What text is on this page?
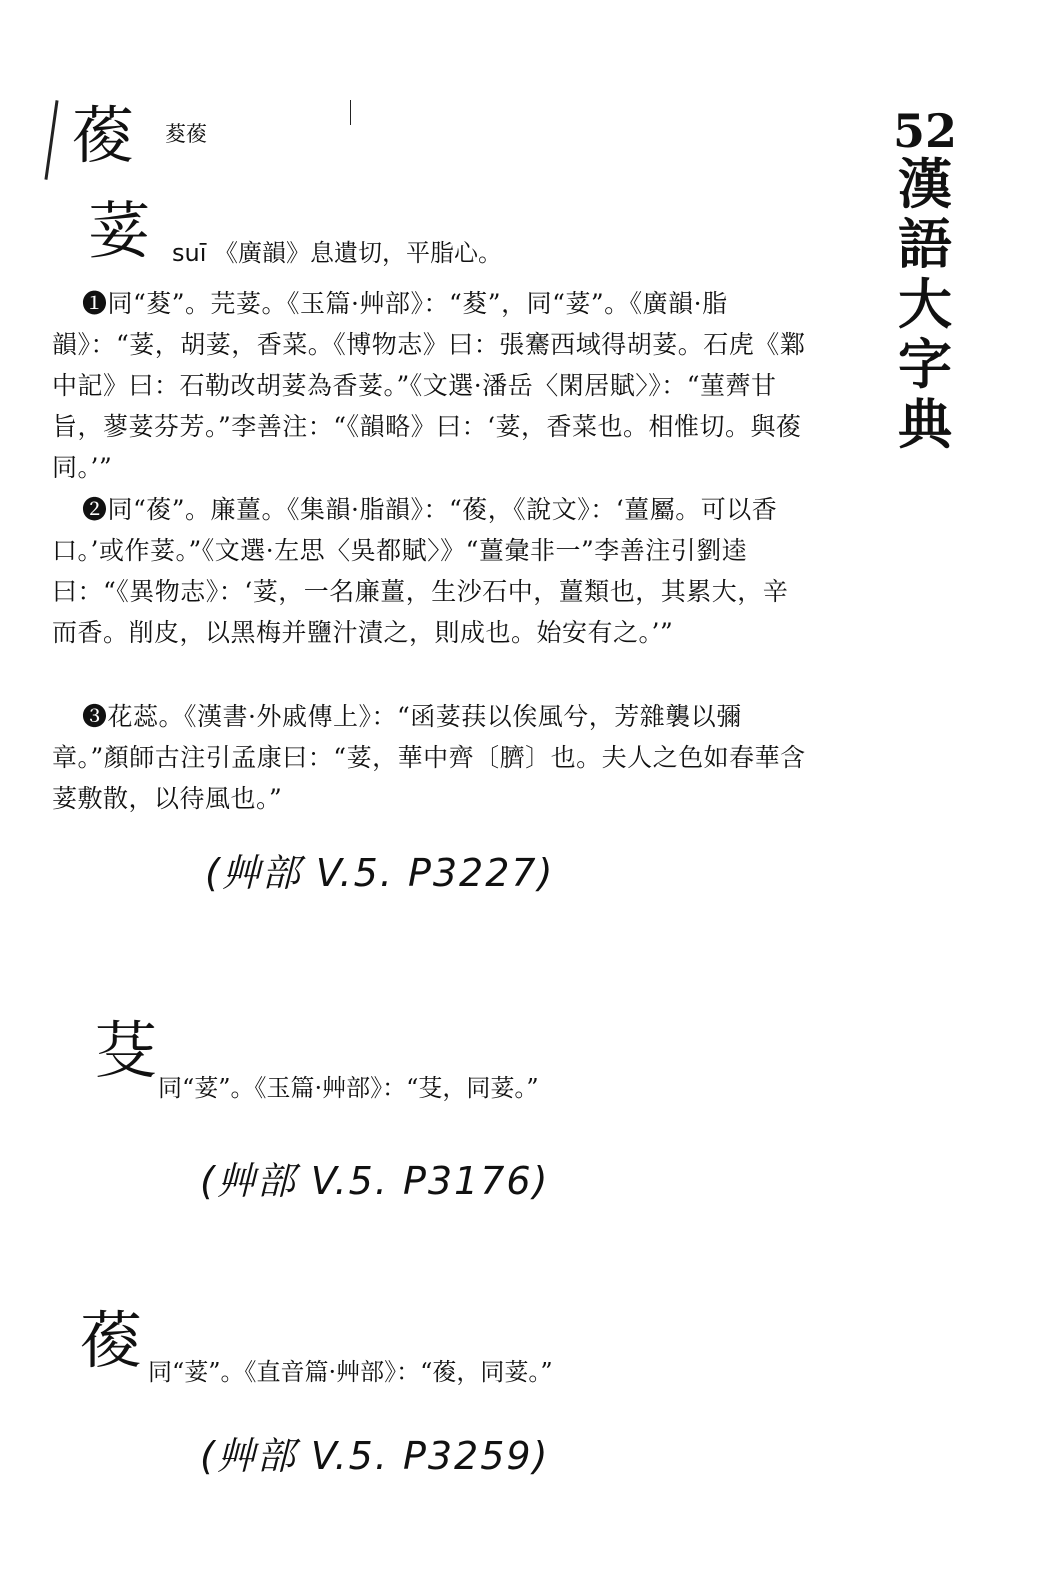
52
漢
語
大
字
典
葰 荾葰
荽 suī 《廣韻》息遺切，平脂心。
❶同“荾”。芫荽。《玉篇·艸部》：“荾”，同“荽”。《廣韻·脂韻》：“荽，胡荽，香菜。《博物志》曰：張騫西域得胡荽。石虎《鄴中記》曰：石勒改胡荽為香荽。”《文選·潘岳〈閑居賦〉》：“菫薺甘旨，蓼荽芬芳。”李善注：“《韻略》曰：‘荽，香菜也。相惟切。與葰同。’”
❷同“葰”。廉薑。《集韻·脂韻》：“葰，《說文》：‘薑屬。可以香口。’或作荽。”《文選·左思〈吳都賦〉》“薑彙非一”李善注引劉逵曰：“《異物志》：‘荽，一名廉薑，生沙石中，薑類也，其累大，辛而香。削皮，以黑梅并鹽汁漬之，則成也。始安有之。’”
❸花蕊。《漢書·外戚傳上》：“函荽荴以俟風兮，芳雜襲以彌章。”顏師古注引孟康曰：“荽，華中齊〔臍〕也。夫人之色如春華含荽敷散，以待風也。”
(艸部 V.5. P3227)
芟
同“荽”。《玉篇·艸部》：“芟，同荽。”
(艸部 V.5. P3176)
葰 同“荽”。《直音篇·艸部》：“葰，同荽。”
(艸部 V.5. P3259)
